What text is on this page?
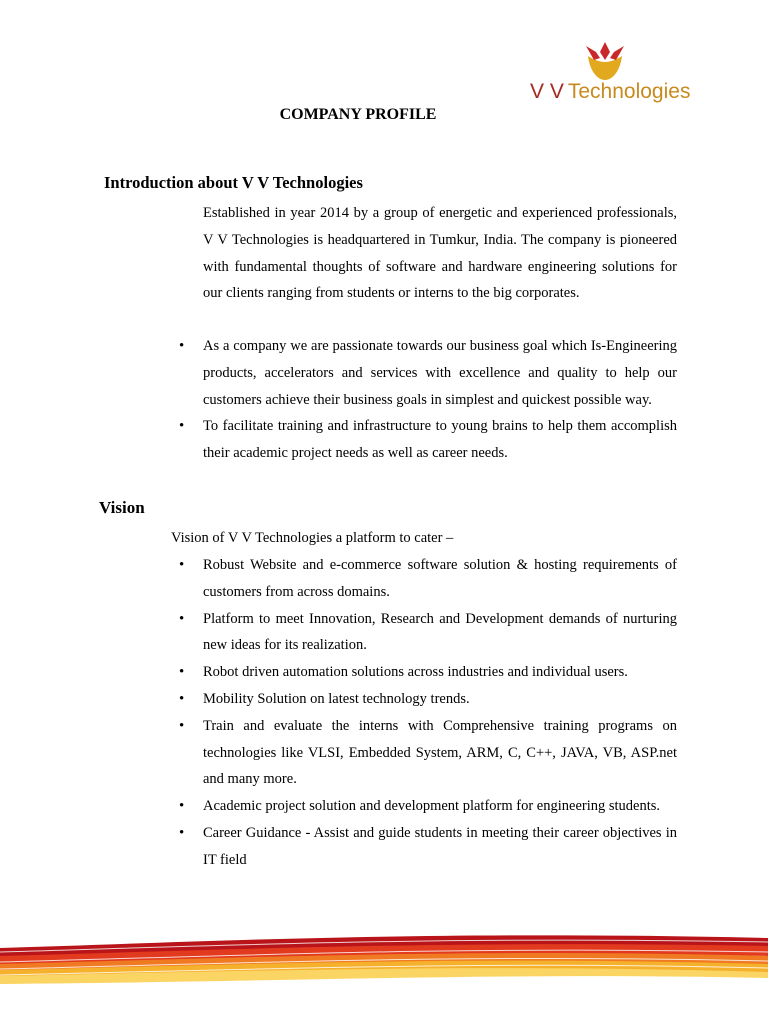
V V Technologies
COMPANY PROFILE
Introduction about V V Technologies

Established in year 2014 by a group of energetic and experienced professionals, V V Technologies is headquartered in Tumkur, India. The company is pioneered with fundamental thoughts of software and hardware engineering solutions for our clients ranging from students or interns to the big corporates.

• As a company we are passionate towards our business goal which Is-Engineering products, accelerators and services with excellence and quality to help our customers achieve their business goals in simplest and quickest possible way.
• To facilitate training and infrastructure to young brains to help them accomplish their academic project needs as well as career needs.
Vision
Vision of V V Technologies a platform to cater –
• Robust Website and e-commerce software solution & hosting requirements of customers from across domains.
• Platform to meet Innovation, Research and Development demands of nurturing new ideas for its realization.
• Robot driven automation solutions across industries and individual users.
• Mobility Solution on latest technology trends.
• Train and evaluate the interns with Comprehensive training programs on technologies like VLSI, Embedded System, ARM, C, C++, JAVA, VB, ASP.net and many more.
• Academic project solution and development platform for engineering students.
• Career Guidance - Assist and guide students in meeting their career objectives in IT field
